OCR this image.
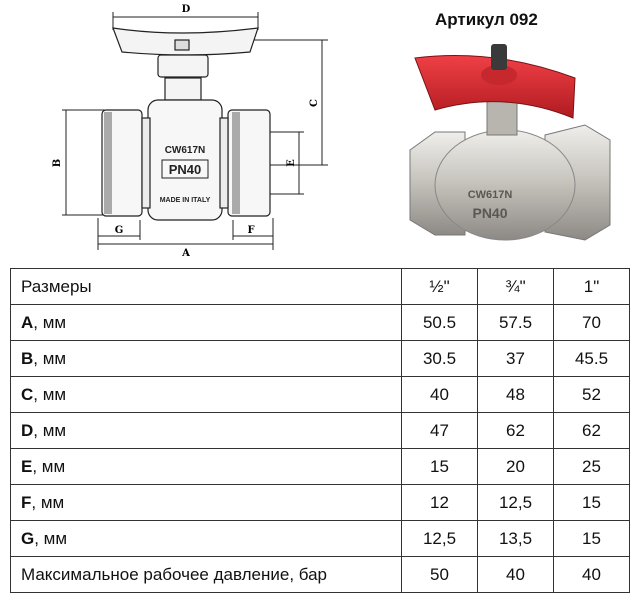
D
C
B	E
G	F
A
CW617N
PN40
MADE IN ITALY
Артикул 092
CW617N
PN40
Размеры	½"	¾"	1"
A, мм	50.5	57.5	70
B, мм	30.5	37	45.5
C, мм	40	48	52
D, мм	47	62	62
E, мм	15	20	25
F, мм	12	12,5	15
G, мм	12,5	13,5	15
Максимальное рабочее давление, бар	50	40	40
